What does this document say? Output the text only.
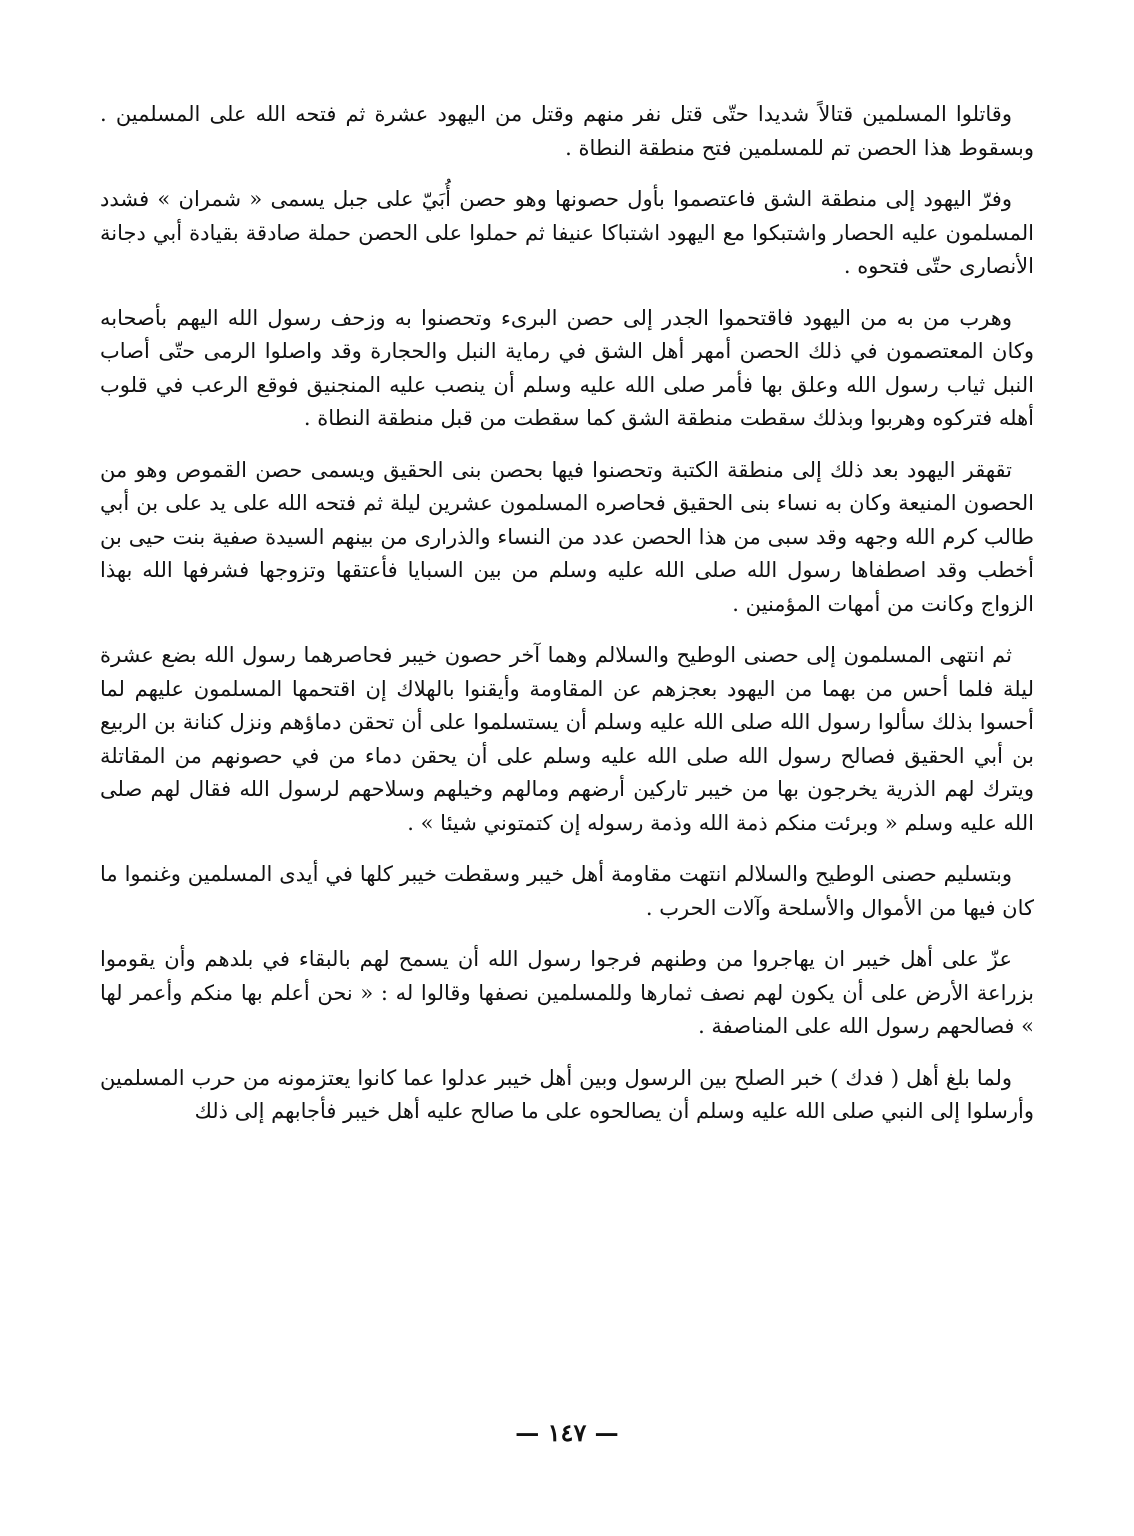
وقاتلوا المسلمين قتالاً شديدا حتّى قتل نفر منهم وقتل من اليهود عشرة ثم فتحه الله على المسلمين . وبسقوط هذا الحصن تم للمسلمين فتح منطقة النطاة .

وفرّ اليهود إلى منطقة الشق فاعتصموا بأول حصونها وهو حصن أُبَيّ على جبل يسمى « شمران » فشدد المسلمون عليه الحصار واشتبكوا مع اليهود اشتباكا عنيفا ثم حملوا على الحصن حملة صادقة بقيادة أبي دجانة الأنصارى حتّى فتحوه .

وهرب من به من اليهود فاقتحموا الجدر إلى حصن البرىء وتحصنوا به وزحف رسول الله اليهم بأصحابه وكان المعتصمون في ذلك الحصن أمهر أهل الشق في رماية النبل والحجارة وقد واصلوا الرمى حتّى أصاب النبل ثياب رسول الله وعلق بها فأمر صلى الله عليه وسلم أن ينصب عليه المنجنيق فوقع الرعب في قلوب أهله فتركوه وهربوا وبذلك سقطت منطقة الشق كما سقطت من قبل منطقة النطاة .

تقهقر اليهود بعد ذلك إلى منطقة الكتبة وتحصنوا فيها بحصن بنى الحقيق ويسمى حصن القموص وهو من الحصون المنيعة وكان به نساء بنى الحقيق فحاصره المسلمون عشرين ليلة ثم فتحه الله على يد على بن أبي طالب كرم الله وجهه وقد سبى من هذا الحصن عدد من النساء والذرارى من بينهم السيدة صفية بنت حيى بن أخطب وقد اصطفاها رسول الله صلى الله عليه وسلم من بين السبايا فأعتقها وتزوجها فشرفها الله بهذا الزواج وكانت من أمهات المؤمنين .

ثم انتهى المسلمون إلى حصنى الوطيح والسلالم وهما آخر حصون خيبر فحاصرهما رسول الله بضع عشرة ليلة فلما أحس من بهما من اليهود بعجزهم عن المقاومة وأيقنوا بالهلاك إن اقتحمها المسلمون عليهم لما أحسوا بذلك سألوا رسول الله صلى الله عليه وسلم أن يستسلموا على أن تحقن دماؤهم ونزل كنانة بن الربيع بن أبي الحقيق فصالح رسول الله صلى الله عليه وسلم على أن يحقن دماء من في حصونهم من المقاتلة ويترك لهم الذرية يخرجون بها من خيبر تاركين أرضهم ومالهم وخيلهم وسلاحهم لرسول الله فقال لهم صلى الله عليه وسلم « وبرئت منكم ذمة الله وذمة رسوله إن كتمتوني شيئا » .

وبتسليم حصنى الوطيح والسلالم انتهت مقاومة أهل خيبر وسقطت خيبر كلها في أيدى المسلمين وغنموا ما كان فيها من الأموال والأسلحة وآلات الحرب .

عزّ على أهل خيبر ان يهاجروا من وطنهم فرجوا رسول الله أن يسمح لهم بالبقاء في بلدهم وأن يقوموا بزراعة الأرض على أن يكون لهم نصف ثمارها وللمسلمين نصفها وقالوا له : « نحن أعلم بها منكم وأعمر لها » فصالحهم رسول الله على المناصفة .

ولما بلغ أهل ( فدك ) خبر الصلح بين الرسول وبين أهل خيبر عدلوا عما كانوا يعتزمونه من حرب المسلمين وأرسلوا إلى النبي صلى الله عليه وسلم أن يصالحوه على ما صالح عليه أهل خيبر فأجابهم إلى ذلك

— ١٤٧ —
